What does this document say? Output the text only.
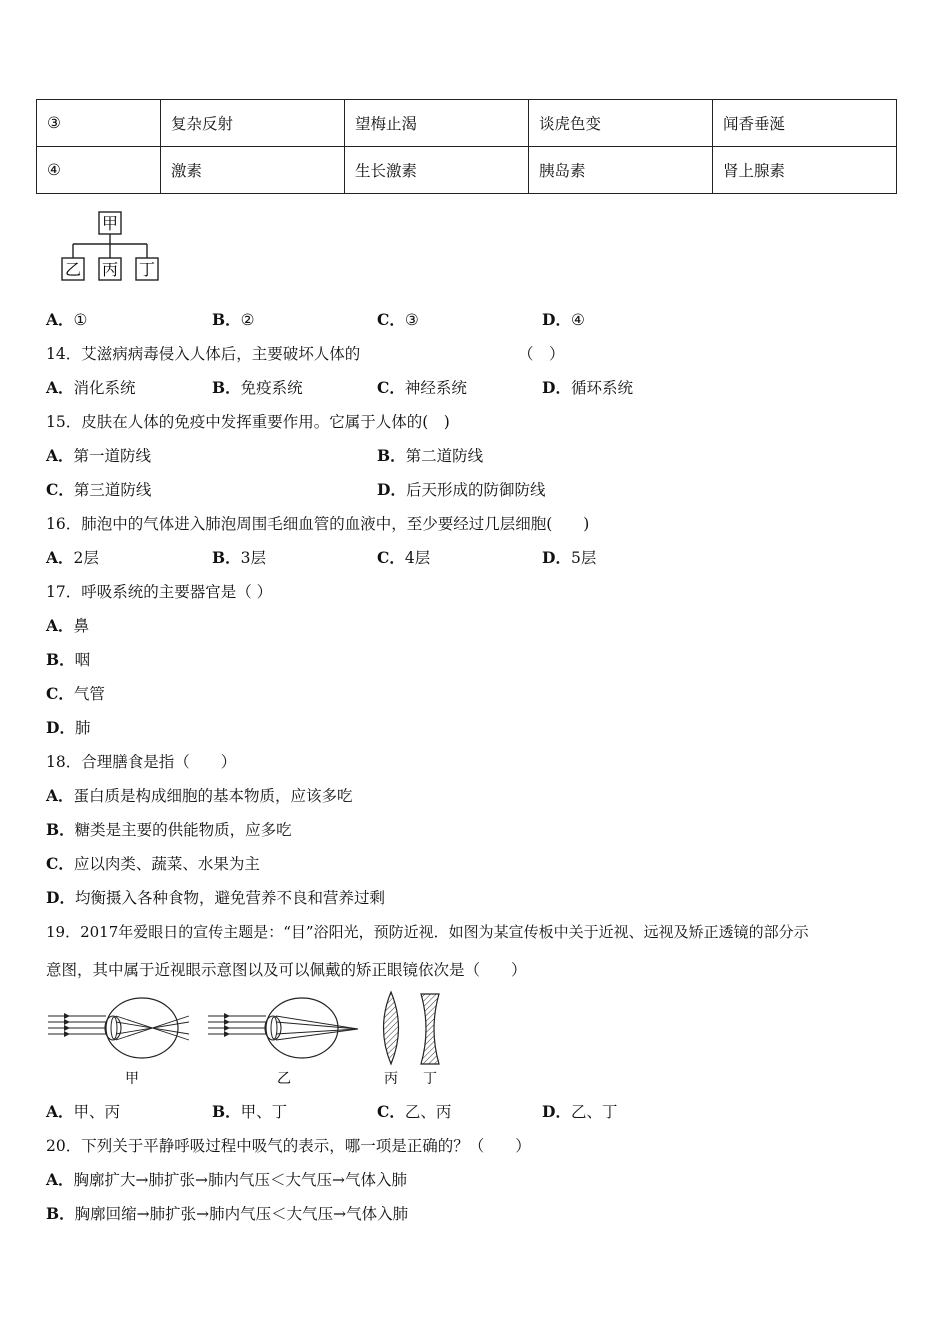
③	复杂反射	望梅止渴	谈虎色变	闻香垂涎
④	激素	生长激素	胰岛素	肾上腺素
甲
乙 丙 丁
A．①	B．②	C．③	D．④
14．艾滋病病毒侵入人体后，主要破坏人体的	（　）
A．消化系统	B．免疫系统	C．神经系统	D．循环系统
15．皮肤在人体的免疫中发挥重要作用。它属于人体的(　)
A．第一道防线	B．第二道防线
C．第三道防线	D．后天形成的防御防线
16．肺泡中的气体进入肺泡周围毛细血管的血液中，至少要经过几层细胞(　　)
A．2层	B．3层	C．4层	D．5层
17．呼吸系统的主要器官是（ ）
A．鼻
B．咽
C．气管
D．肺
18．合理膳食是指（　　）
A．蛋白质是构成细胞的基本物质，应该多吃
B．糖类是主要的供能物质，应多吃
C．应以肉类、蔬菜、水果为主
D．均衡摄入各种食物，避免营养不良和营养过剩
19．2017年爱眼日的宣传主题是：“目”浴阳光，预防近视．如图为某宣传板中关于近视、远视及矫正透镜的部分示
意图，其中属于近视眼示意图以及可以佩戴的矫正眼镜依次是（　　）
甲	乙	丙 丁
A．甲、丙	B．甲、丁	C．乙、丙	D．乙、丁
20．下列关于平静呼吸过程中吸气的表示，哪一项是正确的？（　　）
A．胸廓扩大→肺扩张→肺内气压＜大气压→气体入肺
B．胸廓回缩→肺扩张→肺内气压＜大气压→气体入肺
